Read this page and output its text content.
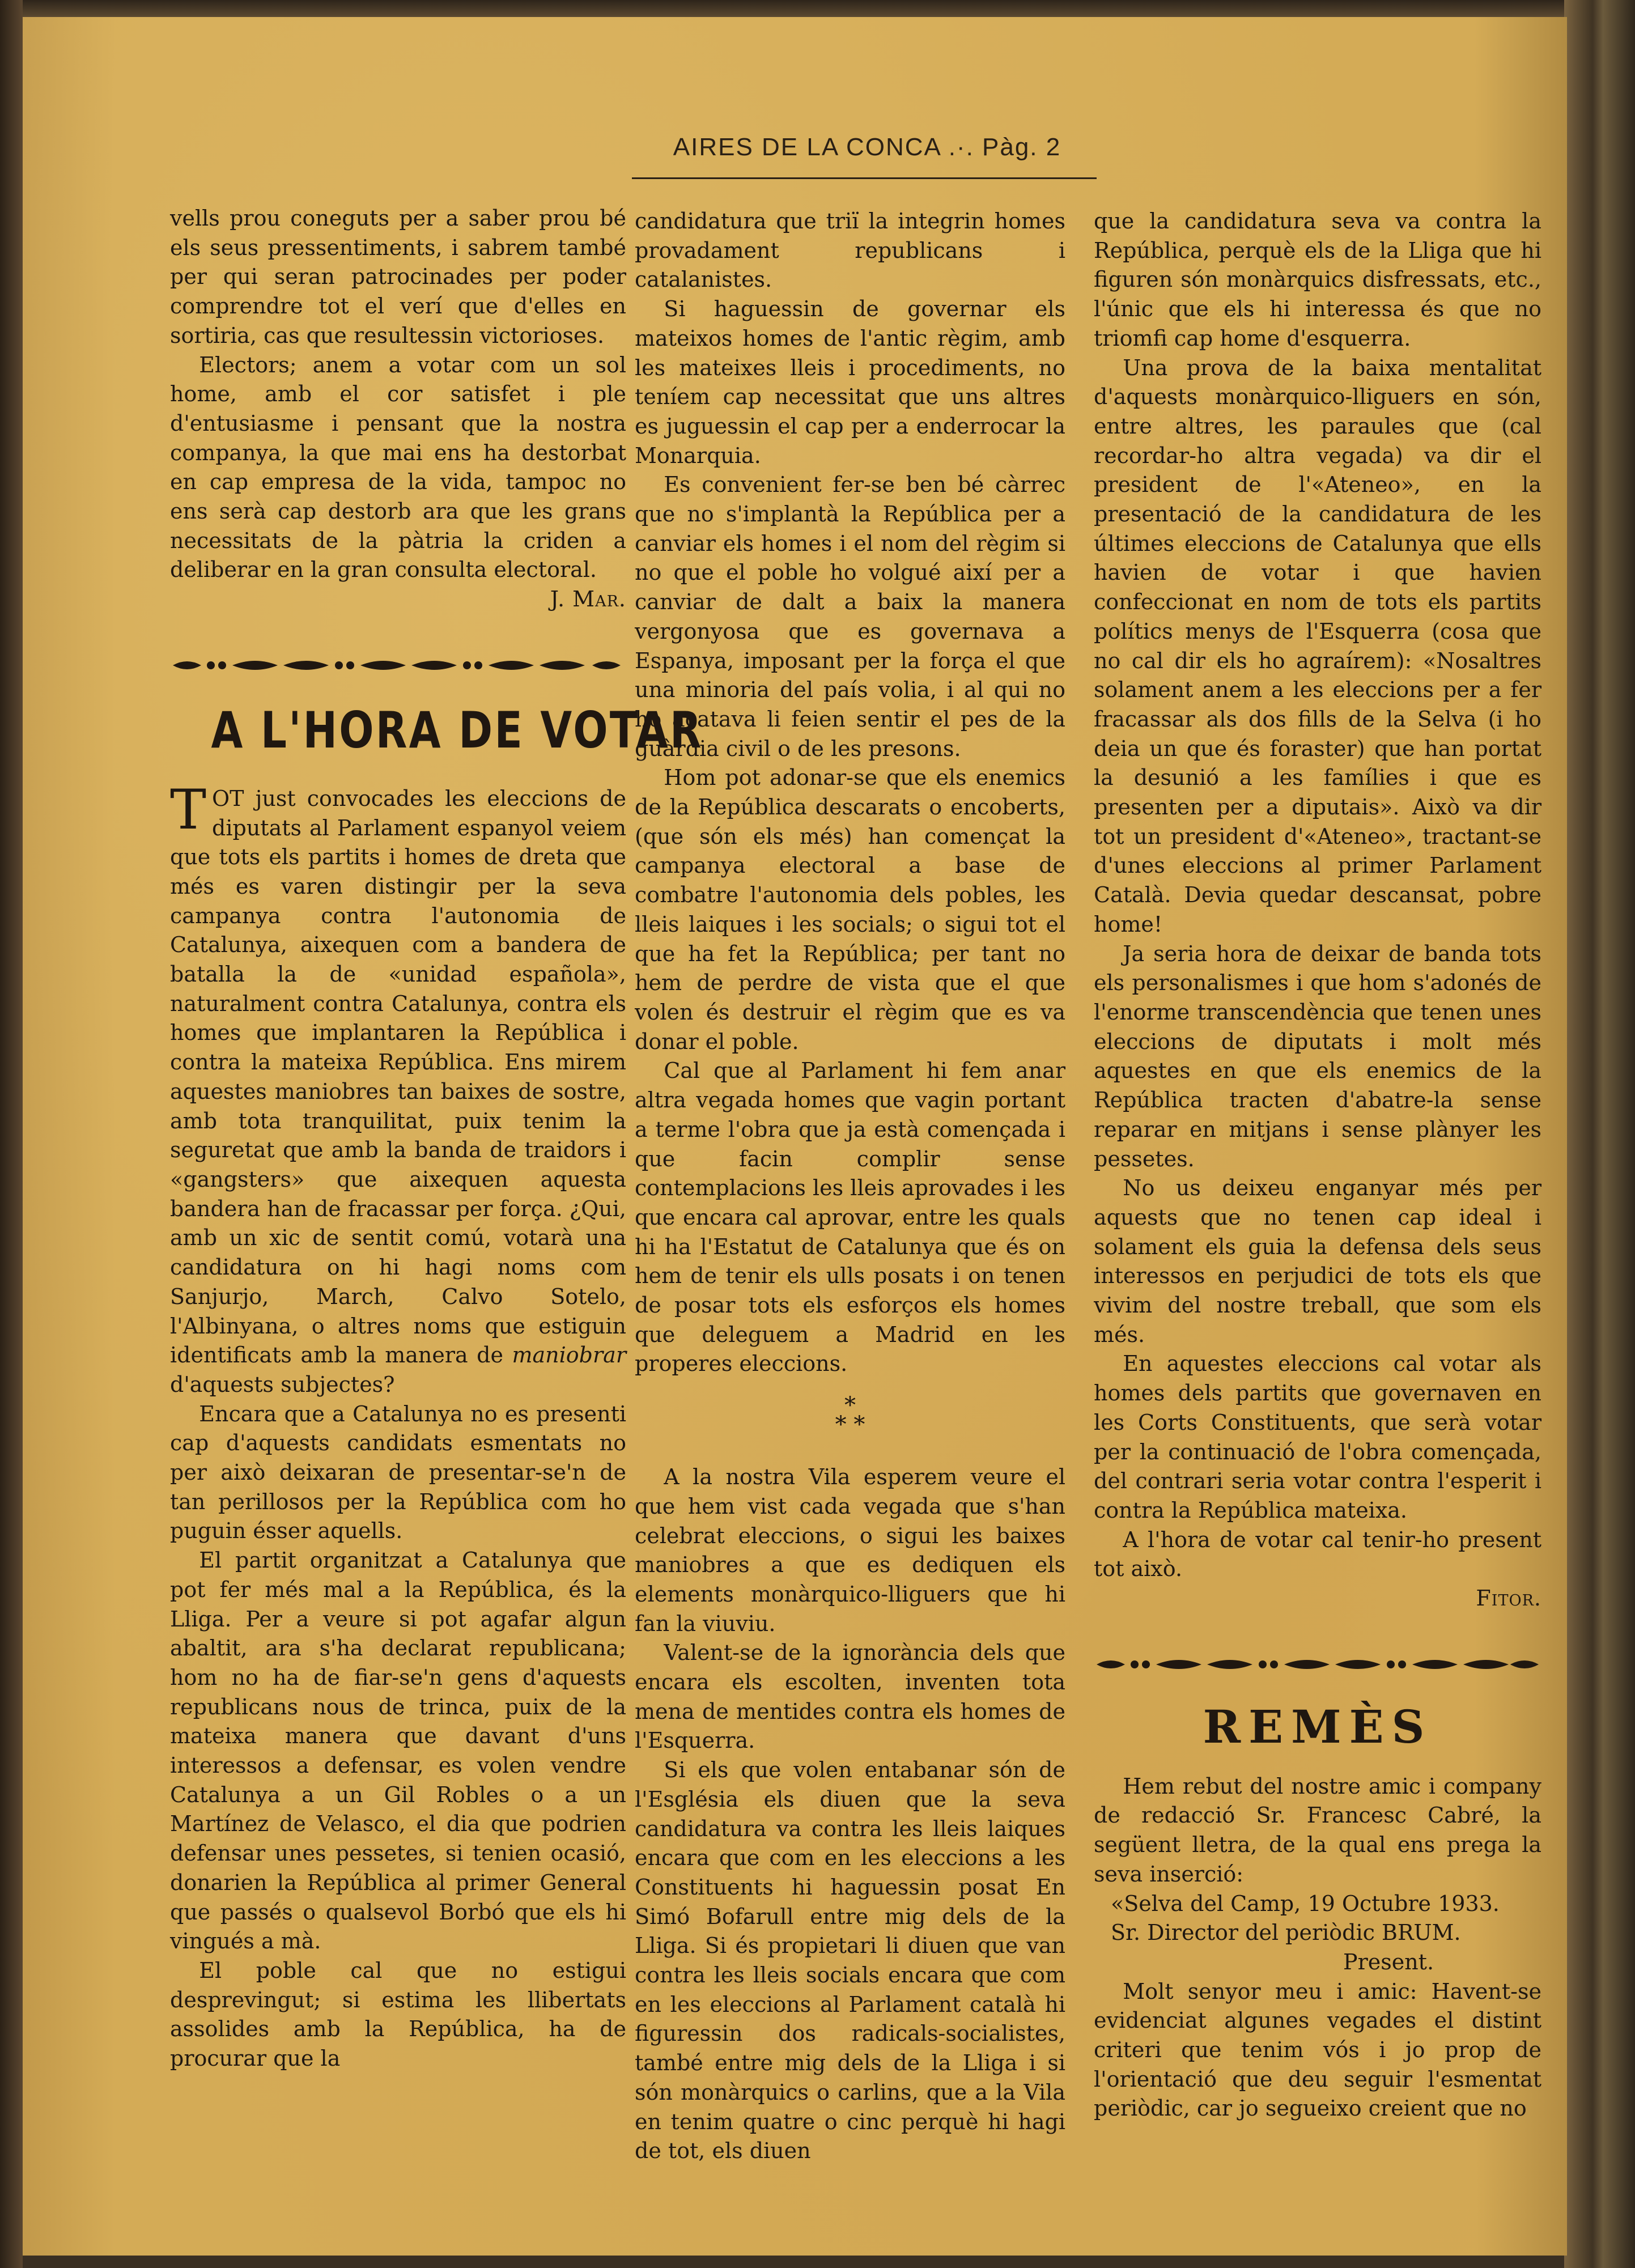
AIRES DE LA CONCA .·. Pàg. 2

vells prou coneguts per a saber prou bé els seus pressentiments, i sabrem també per qui seran patrocinades per poder comprendre tot el verí que d'elles en sortiria, cas que resultessin victorioses.

Electors; anem a votar com un sol home, amb el cor satisfet i ple d'entusiasme i pensant que la nostra companya, la que mai ens ha destorbat en cap empresa de la vida, tampoc no ens serà cap destorb ara que les grans necessitats de la pàtria la criden a deliberar en la gran consulta electoral.

J. Mar.

A L'HORA DE VOTAR

TOT just convocades les eleccions de diputats al Parlament espanyol veiem que tots els partits i homes de dreta que més es varen distingir per la seva campanya contra l'autonomia de Catalunya, aixequen com a bandera de batalla la de «unidad española», naturalment contra Catalunya, contra els homes que implantaren la República i contra la mateixa República. Ens mirem aquestes maniobres tan baixes de sostre, amb tota tranquilitat, puix tenim la seguretat que amb la banda de traidors i «gangsters» que aixequen aquesta bandera han de fracassar per força. ¿Qui, amb un xic de sentit comú, votarà una candidatura on hi hagi noms com Sanjurjo, March, Calvo Sotelo, l'Albinyana, o altres noms que estiguin identificats amb la manera de maniobrar d'aquests subjectes?

Encara que a Catalunya no es presenti cap d'aquests candidats esmentats no per això deixaran de presentar-se'n de tan perillosos per la República com ho puguin ésser aquells.

El partit organitzat a Catalunya que pot fer més mal a la República, és la Lliga. Per a veure si pot agafar algun abaltit, ara s'ha declarat republicana; hom no ha de fiar-se'n gens d'aquests republicans nous de trinca, puix de la mateixa manera que davant d'uns interessos a defensar, es volen vendre Catalunya a un Gil Robles o a un Martínez de Velasco, el dia que podrien defensar unes pessetes, si tenien ocasió, donarien la República al primer General que passés o qualsevol Borbó que els hi vingués a mà.

El poble cal que no estigui desprevingut; si estima les llibertats assolides amb la República, ha de procurar que la

candidatura que triï la integrin homes provadament republicans i catalanistes.

Si haguessin de governar els mateixos homes de l'antic règim, amb les mateixes lleis i procediments, no teníem cap necessitat que uns altres es juguessin el cap per a enderrocar la Monarquia.

Es convenient fer-se ben bé càrrec que no s'implantà la República per a canviar els homes i el nom del règim si no que el poble ho volgué així per a canviar de dalt a baix la manera vergonyosa que es governava a Espanya, imposant per la força el que una minoria del país volia, i al qui no ho acatava li feien sentir el pes de la guàrdia civil o de les presons.

Hom pot adonar-se que els enemics de la República descarats o encoberts, (que són els més) han començat la campanya electoral a base de combatre l'autonomia dels pobles, les lleis laiques i les socials; o sigui tot el que ha fet la República; per tant no hem de perdre de vista que el que volen és destruir el règim que es va donar el poble.

Cal que al Parlament hi fem anar altra vegada homes que vagin portant a terme l'obra que ja està començada i que facin complir sense contemplacions les lleis aprovades i les que encara cal aprovar, entre les quals hi ha l'Estatut de Catalunya que és on hem de tenir els ulls posats i on tenen de posar tots els esforços els homes que deleguem a Madrid en les properes eleccions.

*
* *

A la nostra Vila esperem veure el que hem vist cada vegada que s'han celebrat eleccions, o sigui les baixes maniobres a que es dediquen els elements monàrquico-lliguers que hi fan la viuviu.

Valent-se de la ignorància dels que encara els escolten, inventen tota mena de mentides contra els homes de l'Esquerra.

Si els que volen entabanar són de l'Església els diuen que la seva candidatura va contra les lleis laiques encara que com en les eleccions a les Constituents hi haguessin posat En Simó Bofarull entre mig dels de la Lliga. Si és propietari li diuen que van contra les lleis socials encara que com en les eleccions al Parlament català hi figuressin dos radicals-socialistes, també entre mig dels de la Lliga i si són monàrquics o carlins, que a la Vila en tenim quatre o cinc perquè hi hagi de tot, els diuen

que la candidatura seva va contra la República, perquè els de la Lliga que hi figuren són monàrquics disfressats, etc., l'únic que els hi interessa és que no triomfi cap home d'esquerra.

Una prova de la baixa mentalitat d'aquests monàrquico-lliguers en són, entre altres, les paraules que (cal recordar-ho altra vegada) va dir el president de l'«Ateneo», en la presentació de la candidatura de les últimes eleccions de Catalunya que ells havien de votar i que havien confeccionat en nom de tots els partits polítics menys de l'Esquerra (cosa que no cal dir els ho agraírem): «Nosaltres solament anem a les eleccions per a fer fracassar als dos fills de la Selva (i ho deia un que és foraster) que han portat la desunió a les famílies i que es presenten per a diputais». Això va dir tot un president d'«Ateneo», tractant-se d'unes eleccions al primer Parlament Català. Devia quedar descansat, pobre home!

Ja seria hora de deixar de banda tots els personalismes i que hom s'adonés de l'enorme transcendència que tenen unes eleccions de diputats i molt més aquestes en que els enemics de la República tracten d'abatre-la sense reparar en mitjans i sense plànyer les pessetes.

No us deixeu enganyar més per aquests que no tenen cap ideal i solament els guia la defensa dels seus interessos en perjudici de tots els que vivim del nostre treball, que som els més.

En aquestes eleccions cal votar als homes dels partits que governaven en les Corts Constituents, que serà votar per la continuació de l'obra començada, del contrari seria votar contra l'esperit i contra la República mateixa.

A l'hora de votar cal tenir-ho present tot això.

Fitor.

REMÈS

Hem rebut del nostre amic i company de redacció Sr. Francesc Cabré, la següent lletra, de la qual ens prega la seva inserció:

«Selva del Camp, 19 Octubre 1933.

Sr. Director del periòdic BRUM.

Present.

Molt senyor meu i amic: Havent-se evidenciat algunes vegades el distint criteri que tenim vós i jo prop de l'orientació que deu seguir l'esmentat periòdic, car jo segueixo creient que no
